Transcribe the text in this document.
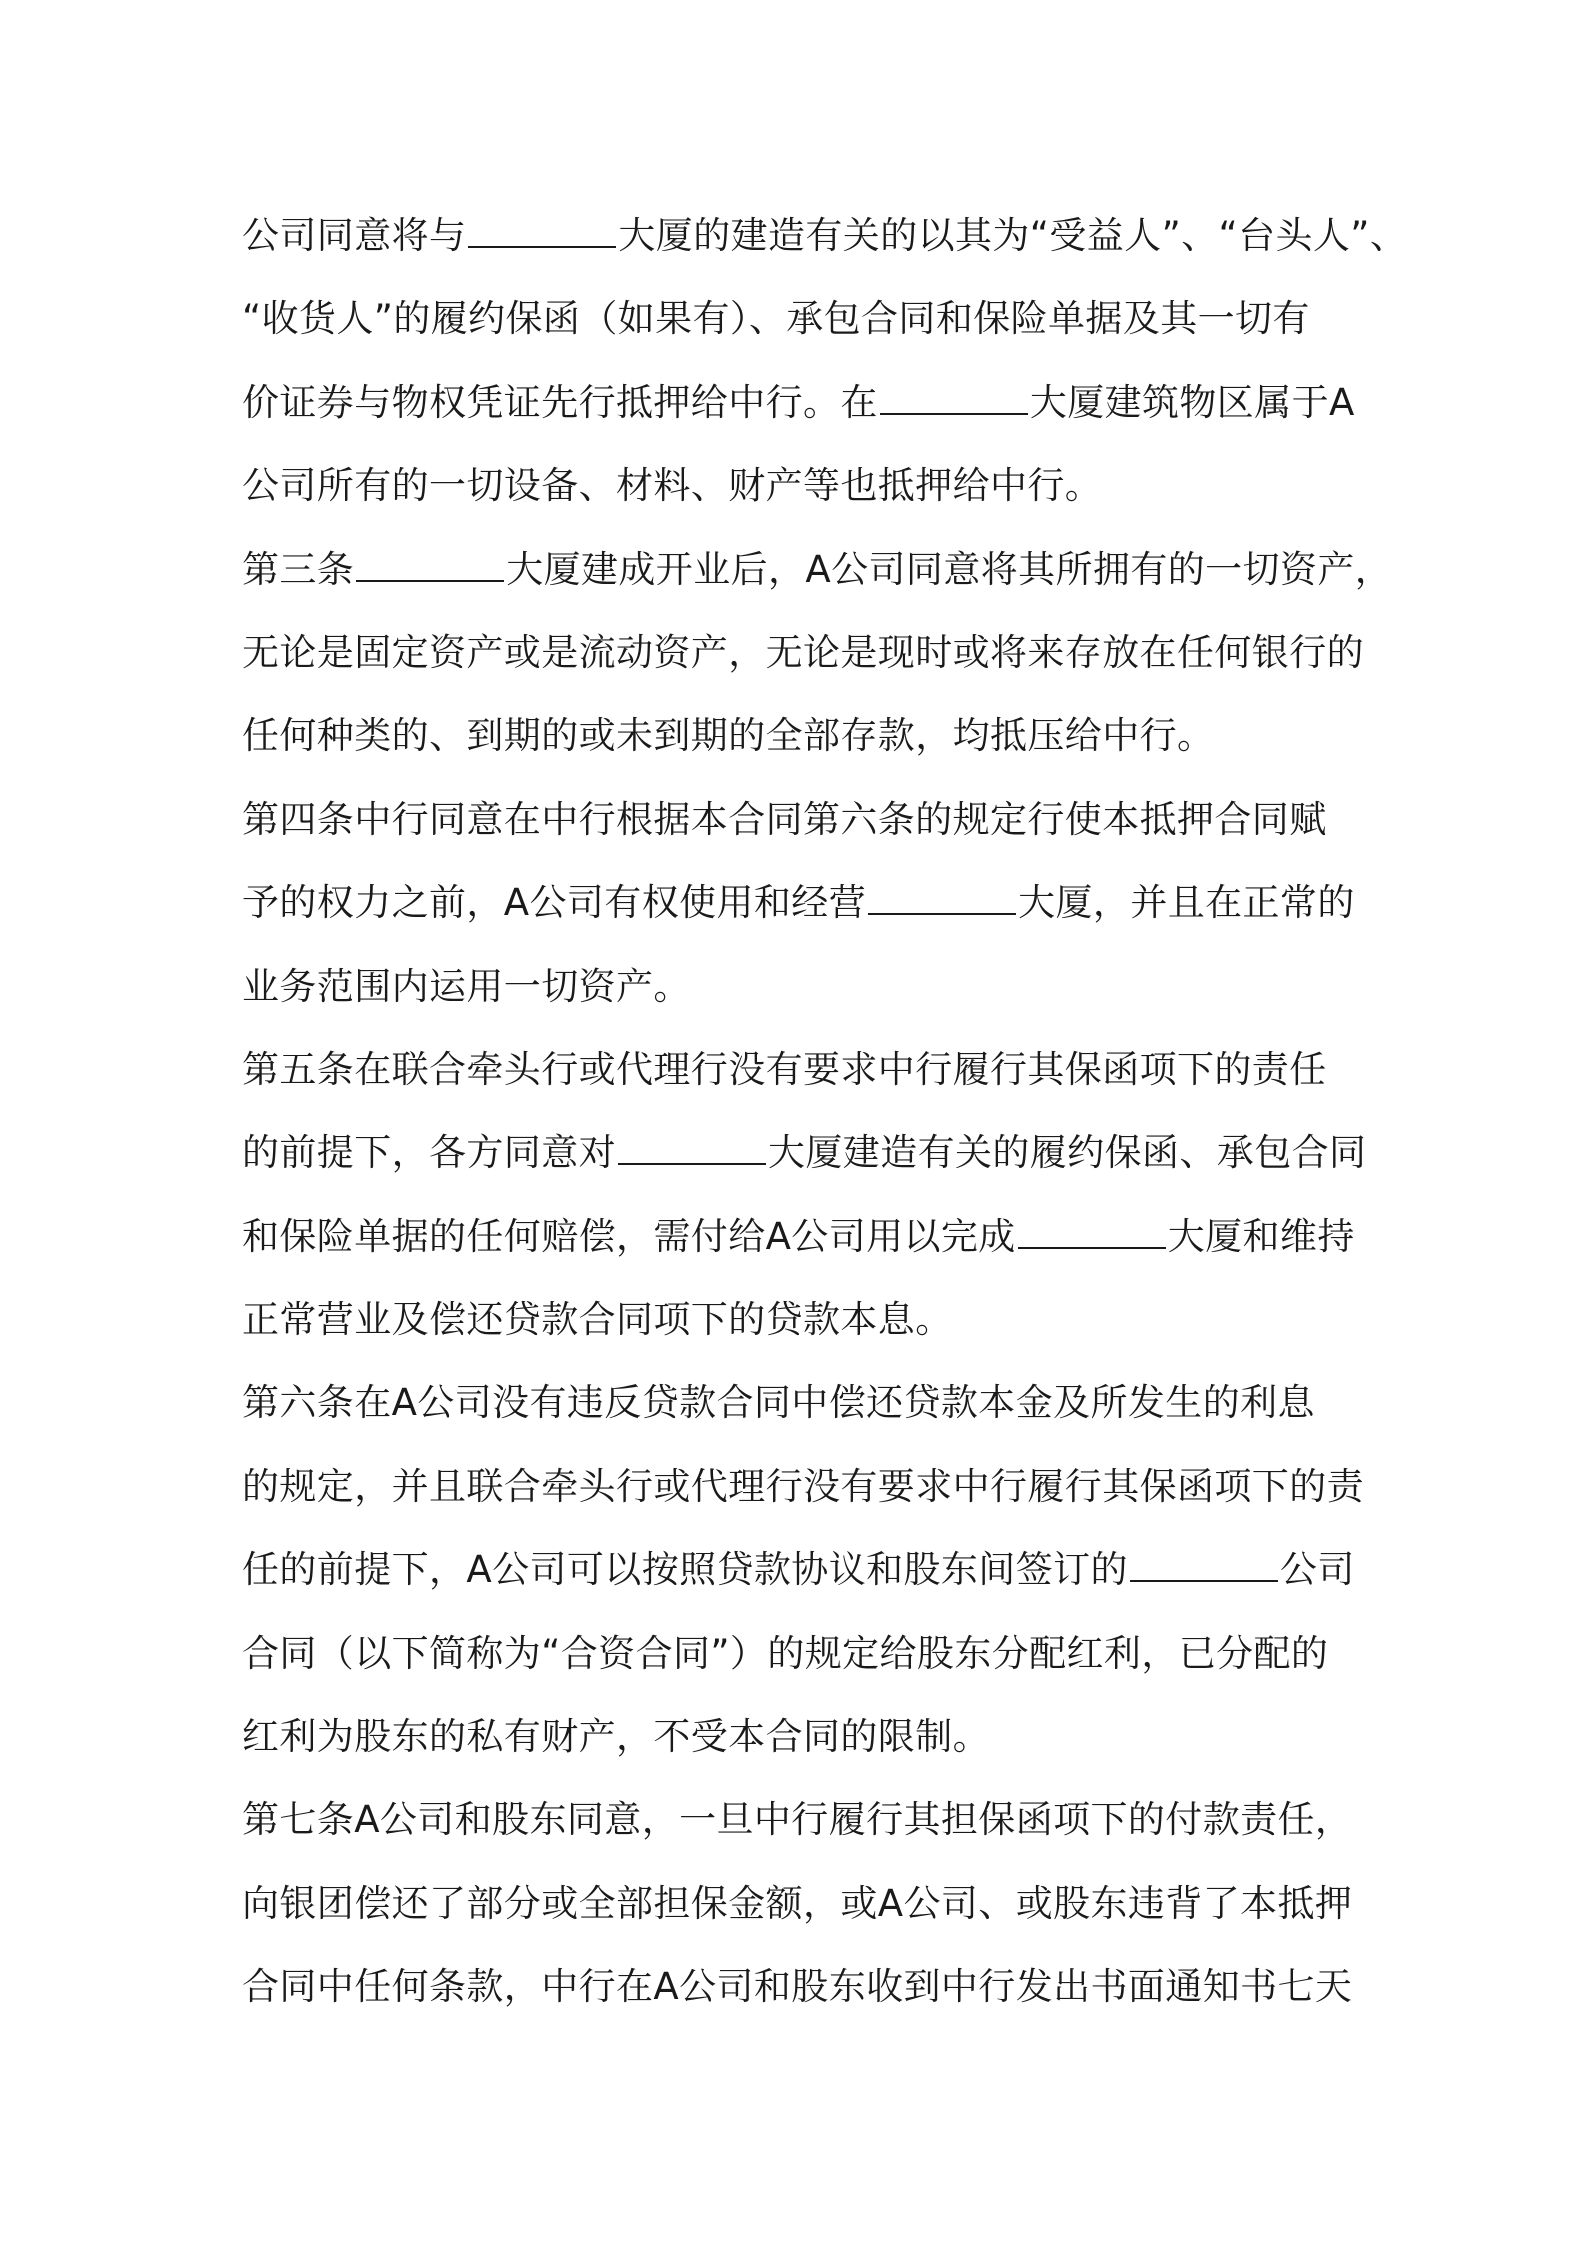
公司同意将与	大厦的建造有关的以其为“受益人”、“台头人”、
“收货人”的履约保函（如果有）、承包合同和保险单据及其一切有
价证券与物权凭证先行抵押给中行。在	大厦建筑物区属于A
公司所有的一切设备、材料、财产等也抵押给中行。
第三条	大厦建成开业后，A公司同意将其所拥有的一切资产，
无论是固定资产或是流动资产，无论是现时或将来存放在任何银行的
任何种类的、到期的或未到期的全部存款，均抵压给中行。
第四条中行同意在中行根据本合同第六条的规定行使本抵押合同赋
予的权力之前，A公司有权使用和经营	大厦，并且在正常的
业务范围内运用一切资产。
第五条在联合牵头行或代理行没有要求中行履行其保函项下的责任
的前提下，各方同意对	大厦建造有关的履约保函、承包合同
和保险单据的任何赔偿，需付给A公司用以完成	大厦和维持
正常营业及偿还贷款合同项下的贷款本息。
第六条在A公司没有违反贷款合同中偿还贷款本金及所发生的利息
的规定，并且联合牵头行或代理行没有要求中行履行其保函项下的责
任的前提下，A公司可以按照贷款协议和股东间签订的	公司
合同（以下简称为“合资合同”）的规定给股东分配红利，已分配的
红利为股东的私有财产，不受本合同的限制。
第七条A公司和股东同意，一旦中行履行其担保函项下的付款责任，
向银团偿还了部分或全部担保金额，或A公司、或股东违背了本抵押
合同中任何条款，中行在A公司和股东收到中行发出书面通知书七天
